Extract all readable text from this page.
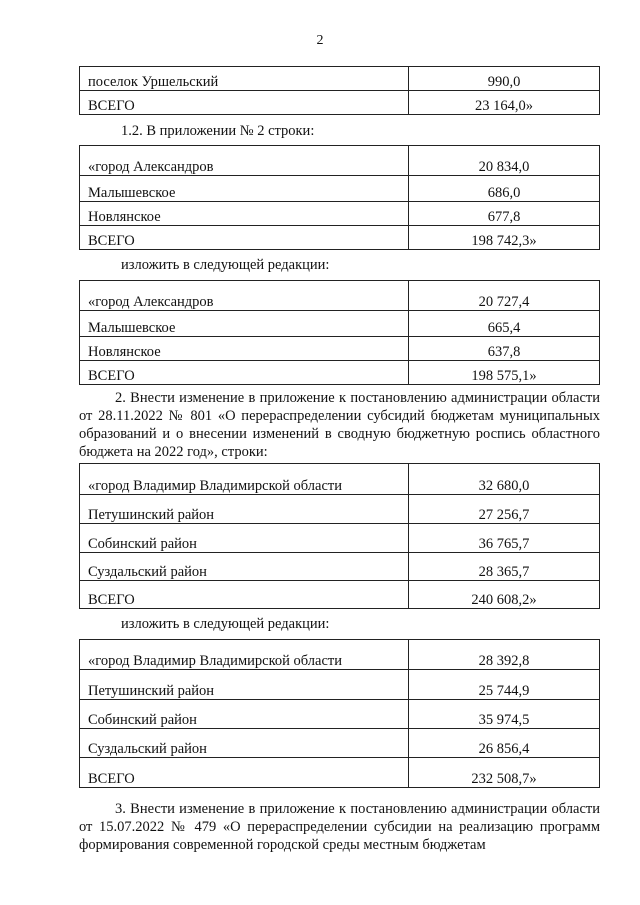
2
поселок Уршельский	990,0
ВСЕГО	23 164,0»
1.2. В приложении № 2 строки:
«город Александров	20 834,0
Малышевское	686,0
Новлянское	677,8
ВСЕГО	198 742,3»
изложить в следующей редакции:
«город Александров	20 727,4
Малышевское	665,4
Новлянское	637,8
ВСЕГО	198 575,1»
2. Внести изменение в приложение к постановлению администрации области от 28.11.2022 № 801 «О перераспределении субсидий бюджетам муниципальных образований и о внесении изменений в сводную бюджетную роспись областного бюджета на 2022 год», строки:
«город Владимир Владимирской области	32 680,0
Петушинский район	27 256,7
Собинский район	36 765,7
Суздальский район	28 365,7
ВСЕГО	240 608,2»
изложить в следующей редакции:
«город Владимир Владимирской области	28 392,8
Петушинский район	25 744,9
Собинский район	35 974,5
Суздальский район	26 856,4
ВСЕГО	232 508,7»
3. Внести изменение в приложение к постановлению администрации области от 15.07.2022 № 479 «О перераспределении субсидии на реализацию программ формирования современной городской среды местным бюджетам
